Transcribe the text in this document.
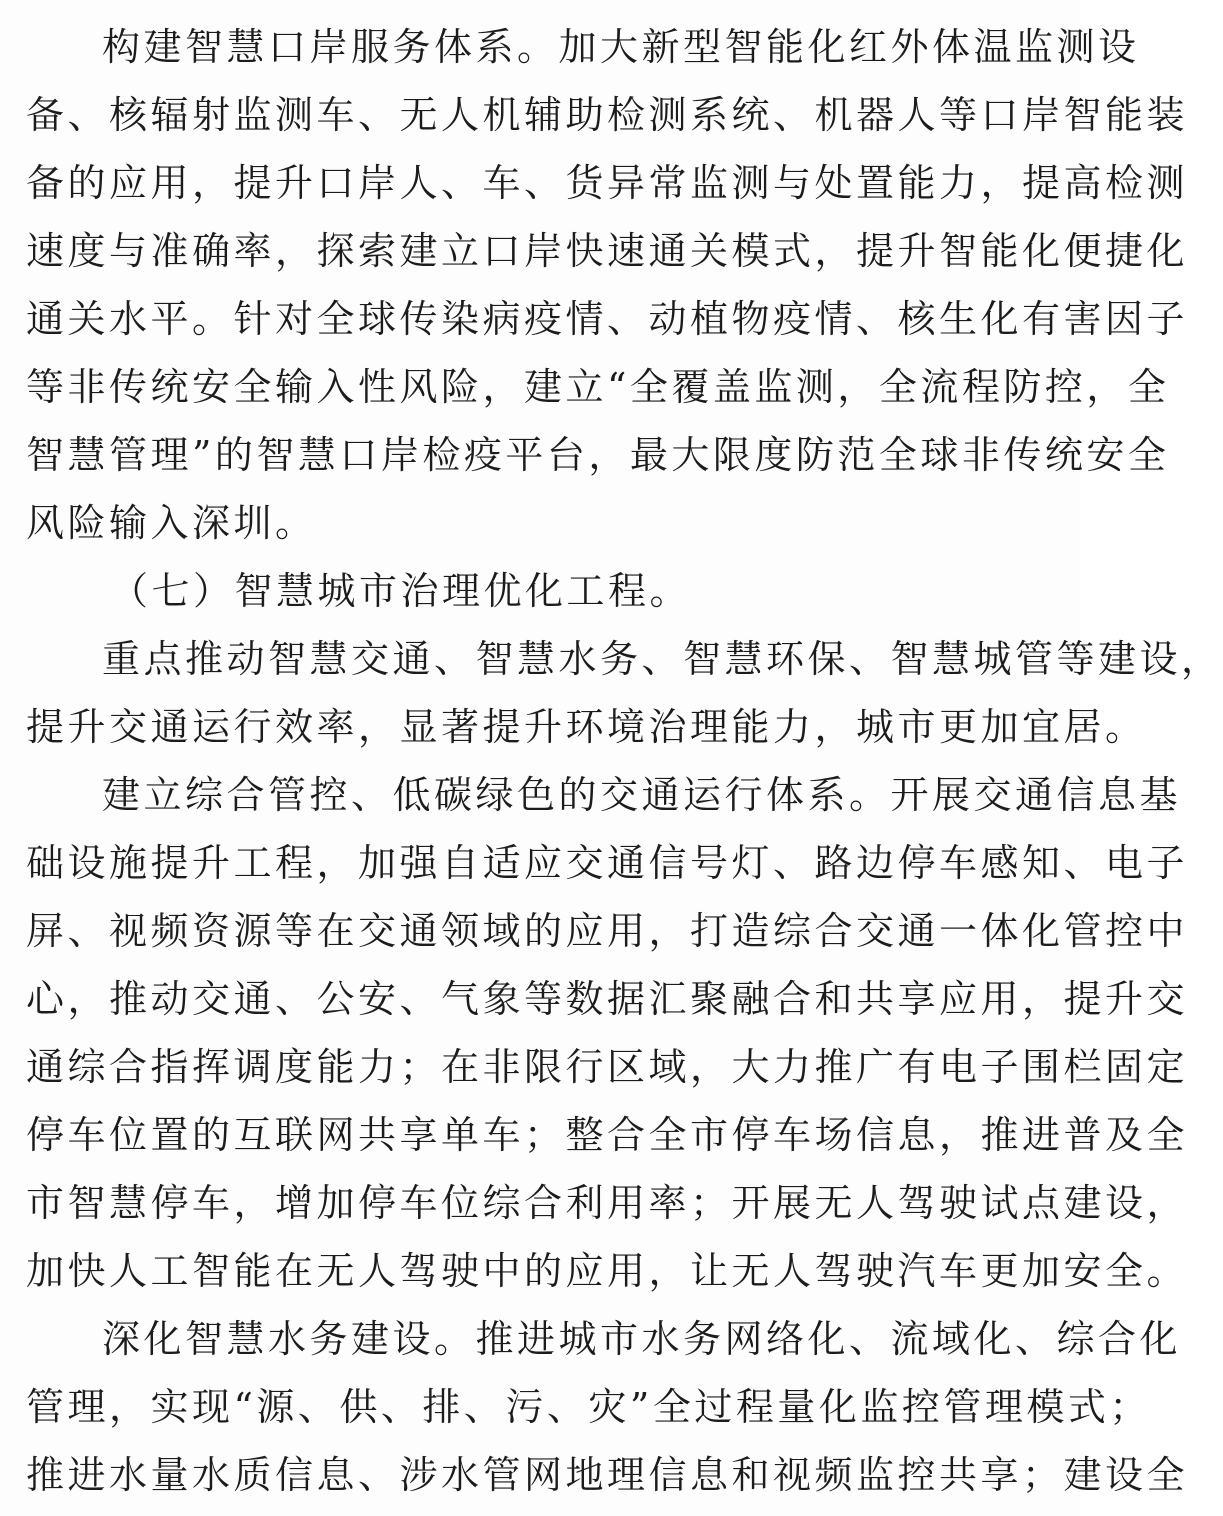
构建智慧口岸服务体系。加大新型智能化红外体温监测设
备、核辐射监测车、无人机辅助检测系统、机器人等口岸智能装
备的应用，提升口岸人、车、货异常监测与处置能力，提高检测
速度与准确率，探索建立口岸快速通关模式，提升智能化便捷化
通关水平。针对全球传染病疫情、动植物疫情、核生化有害因子
等非传统安全输入性风险，建立“全覆盖监测，全流程防控，全
智慧管理”的智慧口岸检疫平台，最大限度防范全球非传统安全
风险输入深圳。
（七）智慧城市治理优化工程。
重点推动智慧交通、智慧水务、智慧环保、智慧城管等建设，
提升交通运行效率，显著提升环境治理能力，城市更加宜居。
建立综合管控、低碳绿色的交通运行体系。开展交通信息基
础设施提升工程，加强自适应交通信号灯、路边停车感知、电子
屏、视频资源等在交通领域的应用，打造综合交通一体化管控中
心，推动交通、公安、气象等数据汇聚融合和共享应用，提升交
通综合指挥调度能力；在非限行区域，大力推广有电子围栏固定
停车位置的互联网共享单车；整合全市停车场信息，推进普及全
市智慧停车，增加停车位综合利用率；开展无人驾驶试点建设，
加快人工智能在无人驾驶中的应用，让无人驾驶汽车更加安全。
深化智慧水务建设。推进城市水务网络化、流域化、综合化
管理，实现“源、供、排、污、灾”全过程量化监控管理模式；
推进水量水质信息、涉水管网地理信息和视频监控共享；建设全
